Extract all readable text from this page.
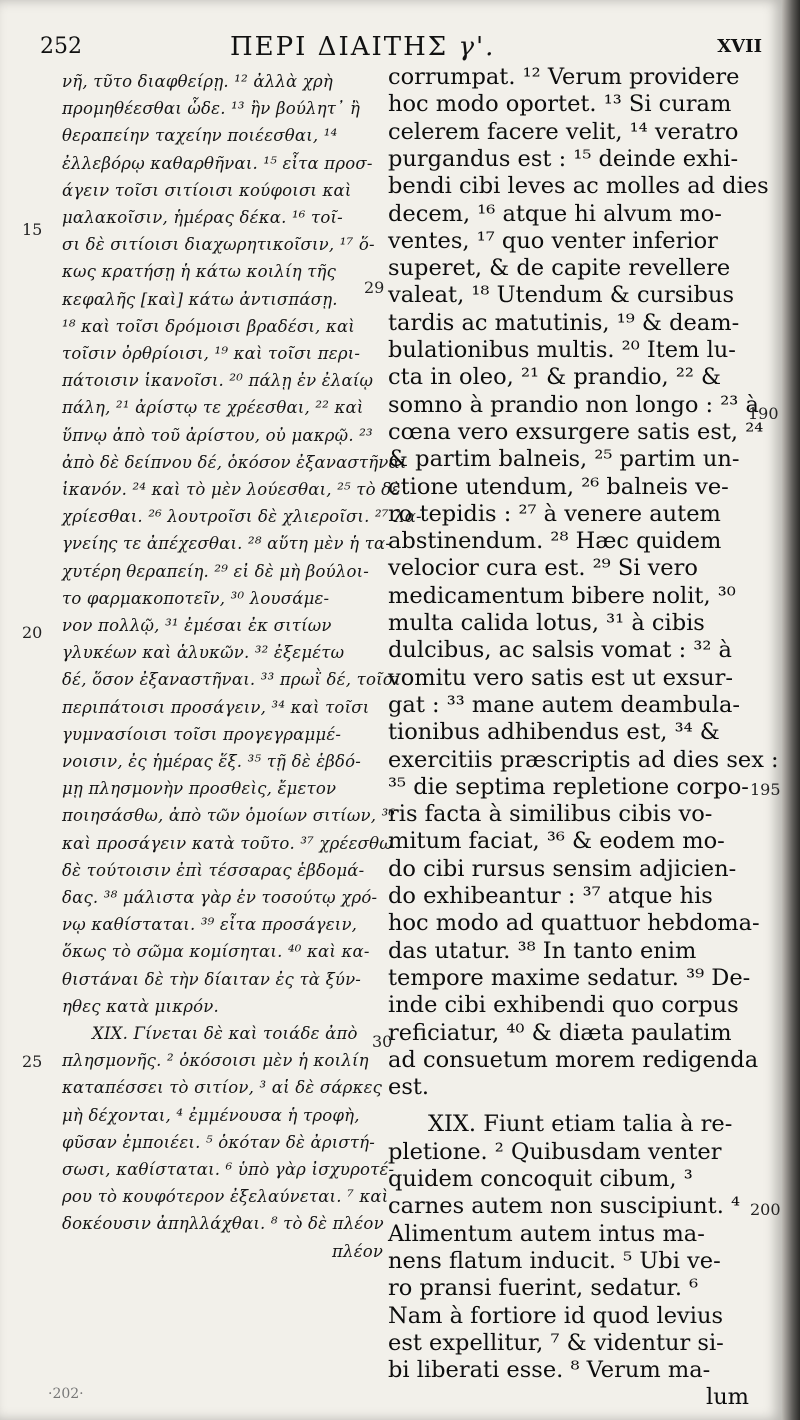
252	ΠΕΡΙ ΔΙΑΙΤΗΣ γ'.	XVII
νῆ, τῦτο διαφθείρῃ. ¹² ἀλλὰ χρὴ
προμηθέεσθαι ὧδε. ¹³ ἢν βούλητ᾽ ἢ
θεραπείην ταχείην ποιέεσθαι, ¹⁴
ἐλλεβόρῳ καθαρθῆναι. ¹⁵ εἶτα προσ-
άγειν τοῖσι σιτίοισι κούφοισι καὶ
μαλακοῖσιν, ἡμέρας δέκα. ¹⁶ τοῖ-
σι δὲ σιτίοισι διαχωρητικοῖσιν, ¹⁷ ὅ-
κως κρατήσῃ ἡ κάτω κοιλίη τῆς
κεφαλῆς [καὶ] κάτω ἀντισπάσῃ.
¹⁸ καὶ τοῖσι δρόμοισι βραδέσι, καὶ
τοῖσιν ὀρθρίοισι, ¹⁹ καὶ τοῖσι περι-
πάτοισιν ἱκανοῖσι. ²⁰ πάλῃ ἐν ἐλαίῳ
πάλη, ²¹ ἀρίστῳ τε χρέεσθαι, ²² καὶ
ὕπνῳ ἀπὸ τοῦ ἀρίστου, οὐ μακρῷ. ²³
ἀπὸ δὲ δείπνου δέ, ὁκόσον ἐξαναστῆναι
ἱκανόν. ²⁴ καὶ τὸ μὲν λούεσθαι, ²⁵ τὸ δὲ
χρίεσθαι. ²⁶ λουτροῖσι δὲ χλιεροῖσι. ²⁷ λα-
γνείης τε ἀπέχεσθαι. ²⁸ αὕτη μὲν ἡ τα-
χυτέρη θεραπείη. ²⁹ εἰ δὲ μὴ βούλοι-
το φαρμακοποτεῖν, ³⁰ λουσάμε-
νον πολλῷ, ³¹ ἐμέσαι ἐκ σιτίων
γλυκέων καὶ ἁλυκῶν. ³² ἐξεμέτω
δέ, ὅσον ἐξαναστῆναι. ³³ πρωῒ δέ, τοῖσι
περιπάτοισι προσάγειν, ³⁴ καὶ τοῖσι
γυμνασίοισι τοῖσι προγεγραμμέ-
νοισιν, ἐς ἡμέρας ἕξ. ³⁵ τῇ δὲ ἑβδό-
μῃ πλησμονὴν προσθεὶς, ἔμετον
ποιησάσθω, ἀπὸ τῶν ὁμοίων σιτίων, ³⁶
καὶ προσάγειν κατὰ τοῦτο. ³⁷ χρέεσθω
δὲ τούτοισιν ἐπὶ τέσσαρας ἑβδομά-
δας. ³⁸ μάλιστα γὰρ ἐν τοσούτῳ χρό-
νῳ καθίσταται. ³⁹ εἶτα προσάγειν,
ὅκως τὸ σῶμα κομίσηται. ⁴⁰ καὶ κα-
θιστάναι δὲ τὴν δίαιταν ἐς τὰ ξύν-
ηθες κατὰ μικρόν.
ΧΙΧ. Γίνεται δὲ καὶ τοιάδε ἀπὸ
πλησμονῆς. ² ὁκόσοισι μὲν ἡ κοιλίη
καταπέσσει τὸ σιτίον, ³ αἱ δὲ σάρκες
μὴ δέχονται, ⁴ ἐμμένουσα ἡ τροφὴ,
φῦσαν ἐμποιέει. ⁵ ὁκόταν δὲ ἀριστή-
σωσι, καθίσταται. ⁶ ὑπὸ γὰρ ἰσχυροτέ-
ρου τὸ κουφότερον ἐξελαύνεται. ⁷ καὶ
δοκέουσιν ἀπηλλάχθαι. ⁸ τὸ δὲ πλέον
πλέον
corrumpat. ¹² Verum providere
hoc modo oportet. ¹³ Si curam
celerem facere velit, ¹⁴ veratro
purgandus est : ¹⁵ deinde exhi-
bendi cibi leves ac molles ad dies
decem, ¹⁶ atque hi alvum mo-
ventes, ¹⁷ quo venter inferior
superet, & de capite revellere
valeat, ¹⁸ Utendum & cursibus
tardis ac matutinis, ¹⁹ & deam-
bulationibus multis. ²⁰ Item lu-
cta in oleo, ²¹ & prandio, ²² &
somno à prandio non longo : ²³ à
cœna vero exsurgere satis est, ²⁴
& partim balneis, ²⁵ partim un-
ctione utendum, ²⁶ balneis ve-
ro tepidis : ²⁷ à venere autem
abstinendum. ²⁸ Hæc quidem
velocior cura est. ²⁹ Si vero
medicamentum bibere nolit, ³⁰
multa calida lotus, ³¹ à cibis
dulcibus, ac salsis vomat : ³² à
vomitu vero satis est ut exsur-
gat : ³³ mane autem deambula-
tionibus adhibendus est, ³⁴ &
exercitiis præscriptis ad dies sex :
³⁵ die septima repletione corpo-
ris facta à similibus cibis vo-
mitum faciat, ³⁶ & eodem mo-
do cibi rursus sensim adjicien-
do exhibeantur : ³⁷ atque his
hoc modo ad quattuor hebdoma-
das utatur. ³⁸ In tanto enim
tempore maxime sedatur. ³⁹ De-
inde cibi exhibendi quo corpus
reficiatur, ⁴⁰ & diæta paulatim
ad consuetum morem redigenda
est.
XIX. Fiunt etiam talia à re-
pletione. ² Quibusdam venter
quidem concoquit cibum, ³
carnes autem non suscipiunt. ⁴
Alimentum autem intus ma-
nens flatum inducit. ⁵ Ubi ve-
ro pransi fuerint, sedatur. ⁶
Nam à fortiore id quod levius
est expellitur, ⁷ & videntur si-
bi liberati esse. ⁸ Verum ma-
lum
15
20
25
29
30
190
195
200
·202·
